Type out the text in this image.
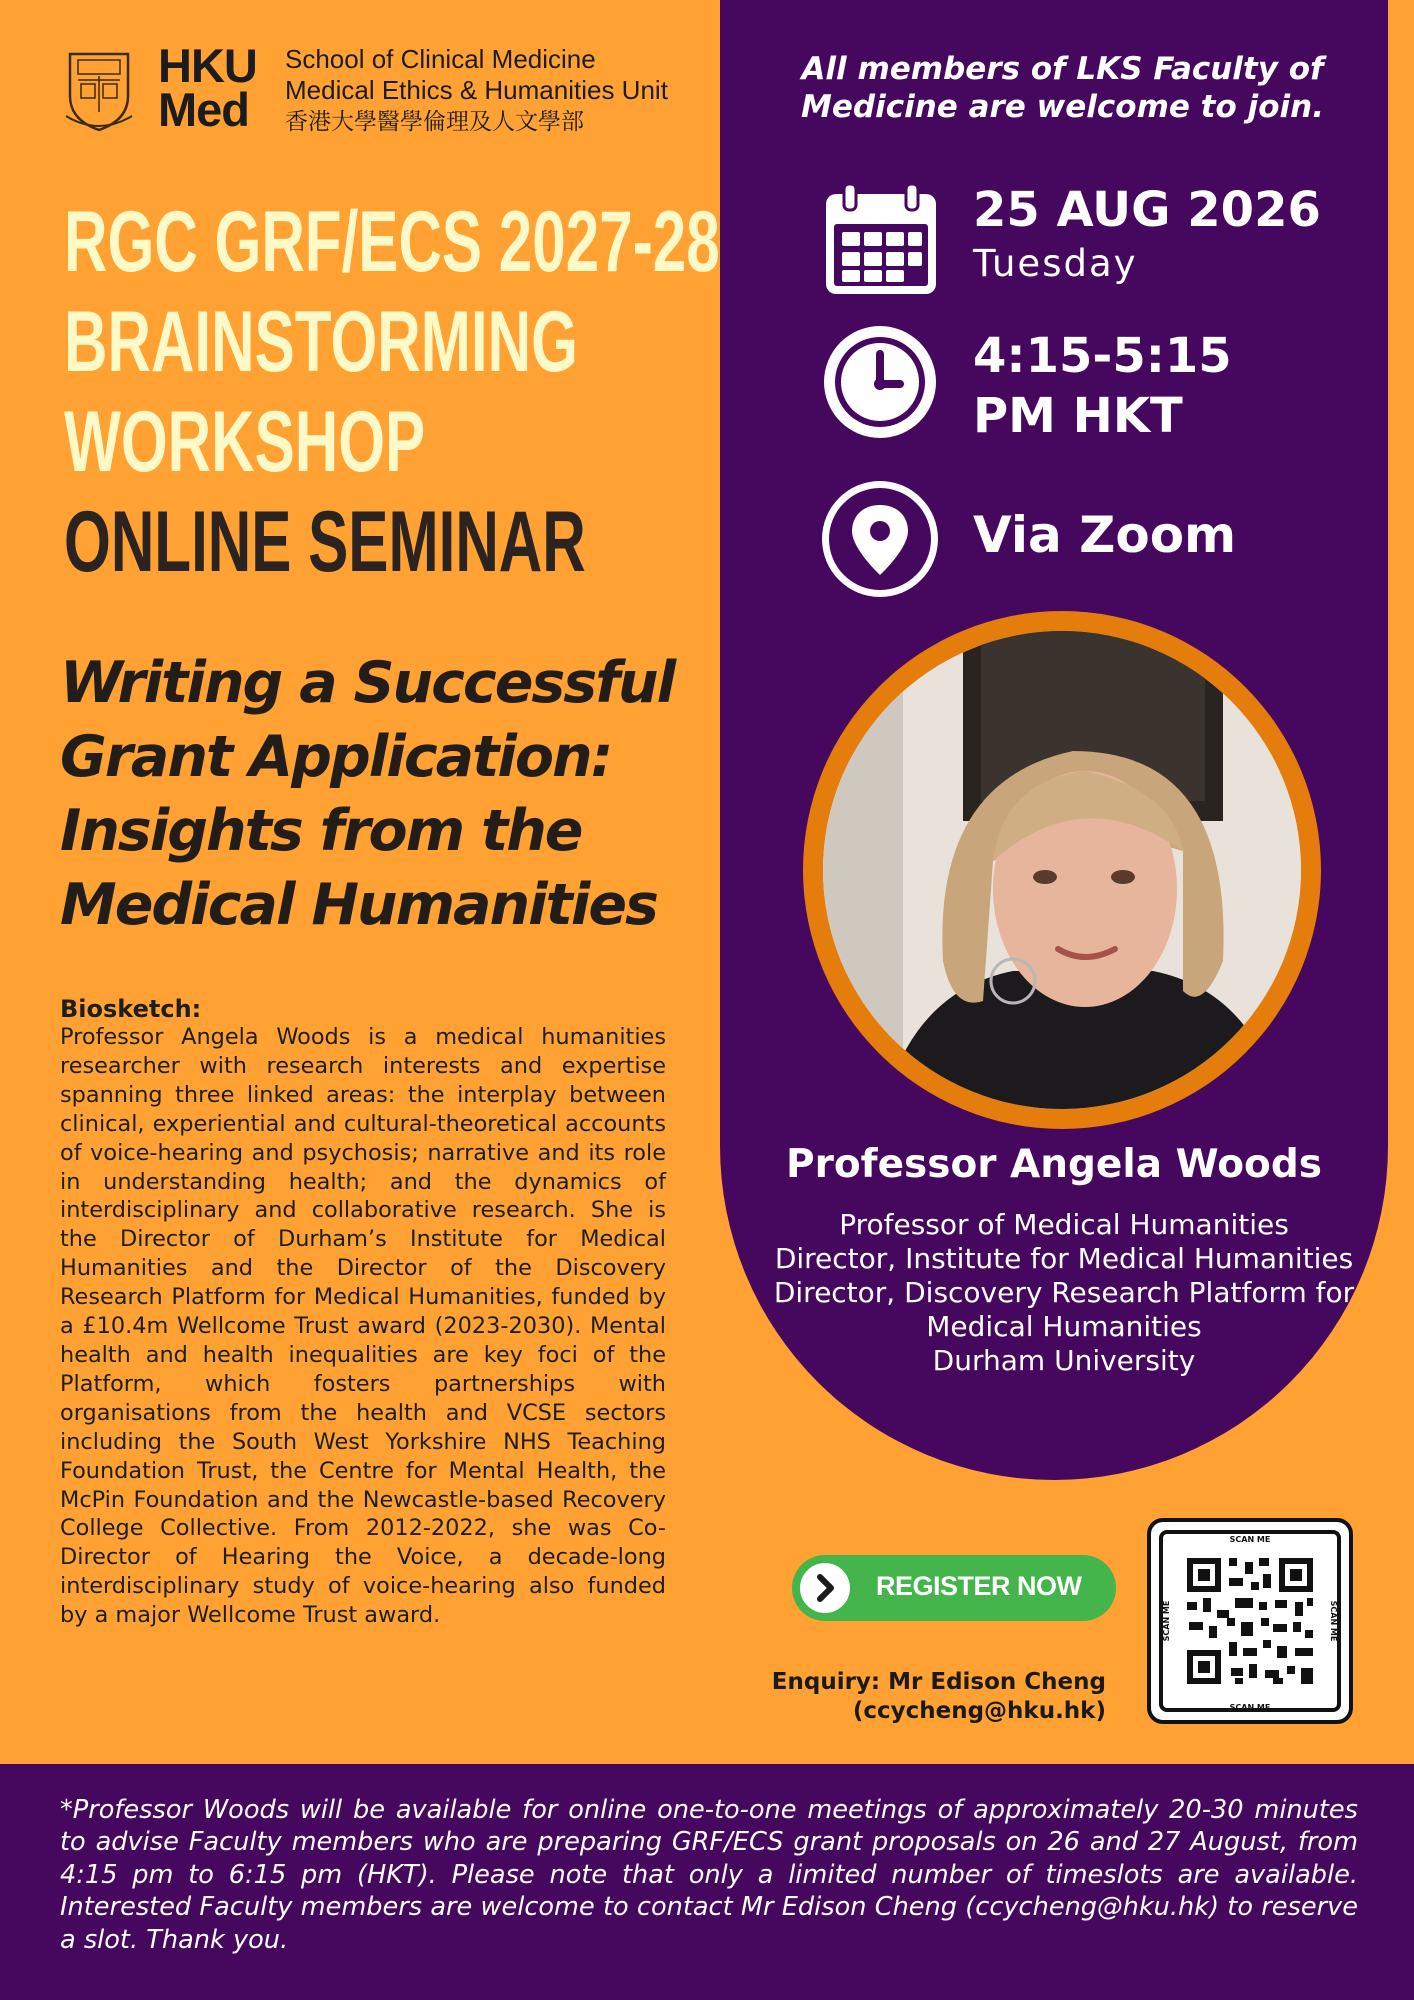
HKU
Med
School of Clinical Medicine
Medical Ethics & Humanities Unit
香港大學醫學倫理及人文學部
RGC GRF/ECS 2027-28
BRAINSTORMING
WORKSHOP
ONLINE SEMINAR
Writing a Successful
Grant Application:
Insights from the
Medical Humanities
Biosketch:
Professor Angela Woods is a medical humanities researcher with research interests and expertise spanning three linked areas: the interplay between clinical, experiential and cultural-theoretical accounts of voice-hearing and psychosis; narrative and its role in understanding health; and the dynamics of interdisciplinary and collaborative research. She is the Director of Durham’s Institute for Medical Humanities and the Director of the Discovery Research Platform for Medical Humanities, funded by a £10.4m Wellcome Trust award (2023-2030). Mental health and health inequalities are key foci of the Platform, which fosters partnerships with organisations from the health and VCSE sectors including the South West Yorkshire NHS Teaching Foundation Trust, the Centre for Mental Health, the McPin Foundation and the Newcastle-based Recovery College Collective. From 2012-2022, she was Co-Director of Hearing the Voice, a decade-long interdisciplinary study of voice-hearing also funded by a major Wellcome Trust award.
All members of LKS Faculty of Medicine are welcome to join.
25 AUG 2026
Tuesday
4:15-5:15 PM HKT
Via Zoom
Professor Angela Woods
Professor of Medical Humanities
Director, Institute for Medical Humanities
Director, Discovery Research Platform for
Medical Humanities
Durham University
REGISTER NOW
Enquiry: Mr Edison Cheng
(ccycheng@hku.hk)
SCAN ME
SCAN ME
SCAN ME	SCAN ME
*Professor Woods will be available for online one-to-one meetings of approximately 20-30 minutes to advise Faculty members who are preparing GRF/ECS grant proposals on 26 and 27 August, from 4:15 pm to 6:15 pm (HKT). Please note that only a limited number of timeslots are available. Interested Faculty members are welcome to contact Mr Edison Cheng (ccycheng@hku.hk) to reserve a slot. Thank you.
